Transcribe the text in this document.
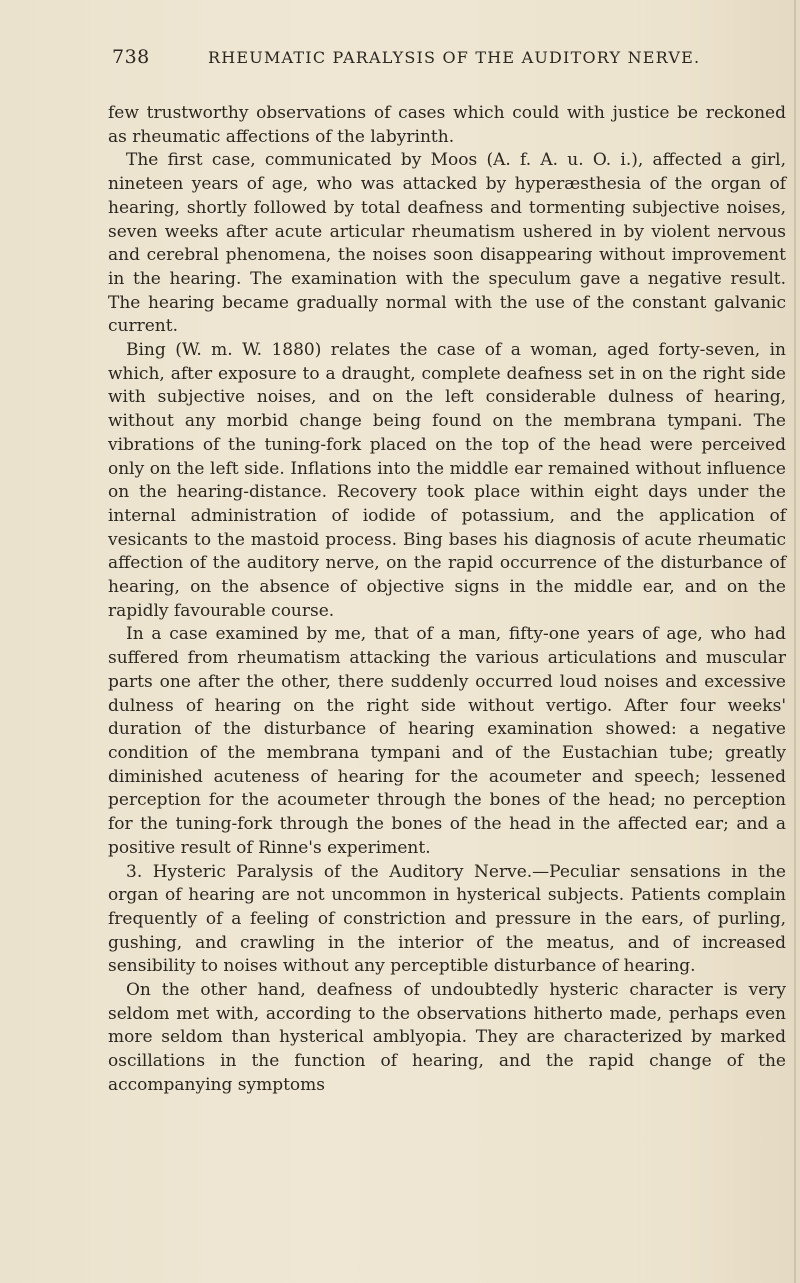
738	RHEUMATIC PARALYSIS OF THE AUDITORY NERVE.

few trustworthy observations of cases which could with justice be reckoned as rheumatic affections of the labyrinth.

The first case, communicated by Moos (A. f. A. u. O. i.), affected a girl, nineteen years of age, who was attacked by hyperæsthesia of the organ of hearing, shortly followed by total deafness and tormenting subjective noises, seven weeks after acute articular rheumatism ushered in by violent nervous and cerebral phenomena, the noises soon disappearing without improvement in the hearing. The examination with the speculum gave a negative result. The hearing became gradually normal with the use of the constant galvanic current.

Bing (W. m. W. 1880) relates the case of a woman, aged forty-seven, in which, after exposure to a draught, complete deafness set in on the right side with subjective noises, and on the left considerable dulness of hearing, without any morbid change being found on the membrana tympani. The vibrations of the tuning-fork placed on the top of the head were perceived only on the left side. Inflations into the middle ear remained without influence on the hearing-distance. Recovery took place within eight days under the internal administration of iodide of potassium, and the application of vesicants to the mastoid process. Bing bases his diagnosis of acute rheumatic affection of the auditory nerve, on the rapid occurrence of the disturbance of hearing, on the absence of objective signs in the middle ear, and on the rapidly favourable course.

In a case examined by me, that of a man, fifty-one years of age, who had suffered from rheumatism attacking the various articulations and muscular parts one after the other, there suddenly occurred loud noises and excessive dulness of hearing on the right side without vertigo. After four weeks' duration of the disturbance of hearing examination showed: a negative condition of the membrana tympani and of the Eustachian tube; greatly diminished acuteness of hearing for the acoumeter and speech; lessened perception for the acoumeter through the bones of the head; no perception for the tuning-fork through the bones of the head in the affected ear; and a positive result of Rinne's experiment.

3. Hysteric Paralysis of the Auditory Nerve.—Peculiar sensations in the organ of hearing are not uncommon in hysterical subjects. Patients complain frequently of a feeling of constriction and pressure in the ears, of purling, gushing, and crawling in the interior of the meatus, and of increased sensibility to noises without any perceptible disturbance of hearing.

On the other hand, deafness of undoubtedly hysteric character is very seldom met with, according to the observations hitherto made, perhaps even more seldom than hysterical amblyopia. They are characterized by marked oscillations in the function of hearing, and the rapid change of the accompanying symptoms
